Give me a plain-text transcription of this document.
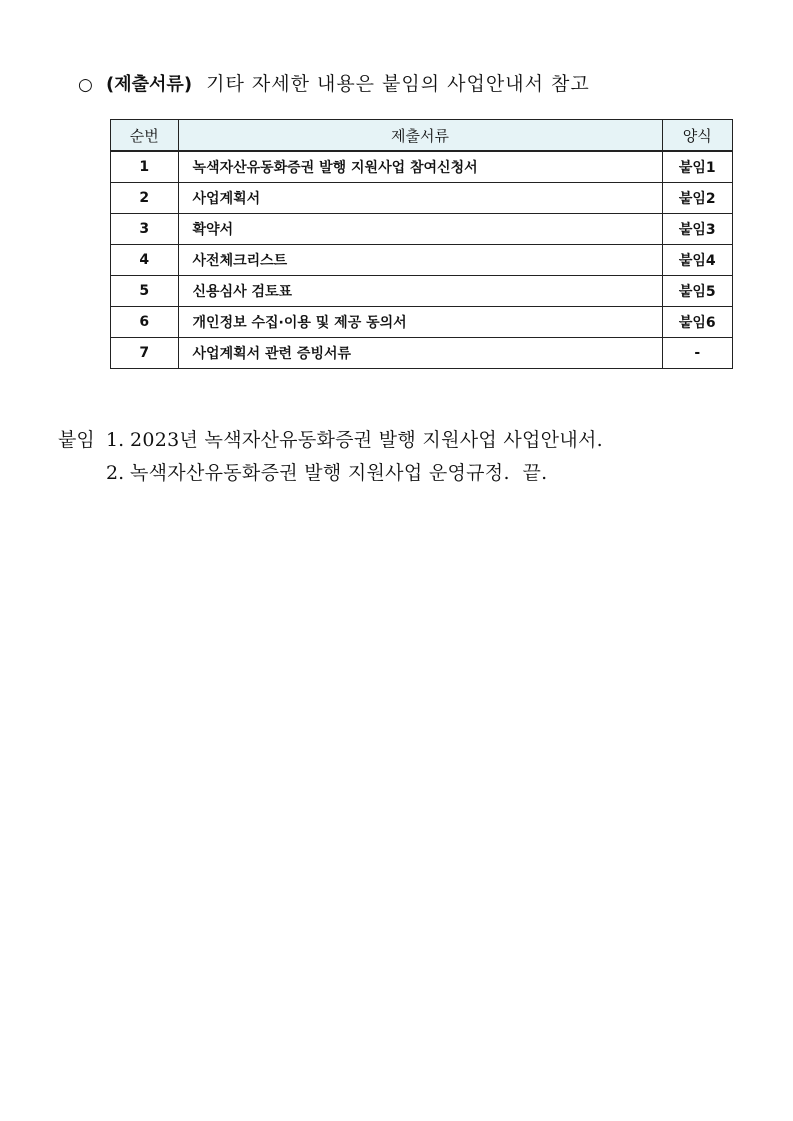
○ (제출서류) 기타 자세한 내용은 붙임의 사업안내서 참고
순번	제출서류	양식
1	녹색자산유동화증권 발행 지원사업 참여신청서	붙임1
2	사업계획서	붙임2
3	확약서	붙임3
4	사전체크리스트	붙임4
5	신용심사 검토표	붙임5
6	개인정보 수집·이용 및 제공 동의서	붙임6
7	사업계획서 관련 증빙서류	-
붙임 1. 2023년 녹색자산유동화증권 발행 지원사업 사업안내서.
2. 녹색자산유동화증권 발행 지원사업 운영규정.  끝.
